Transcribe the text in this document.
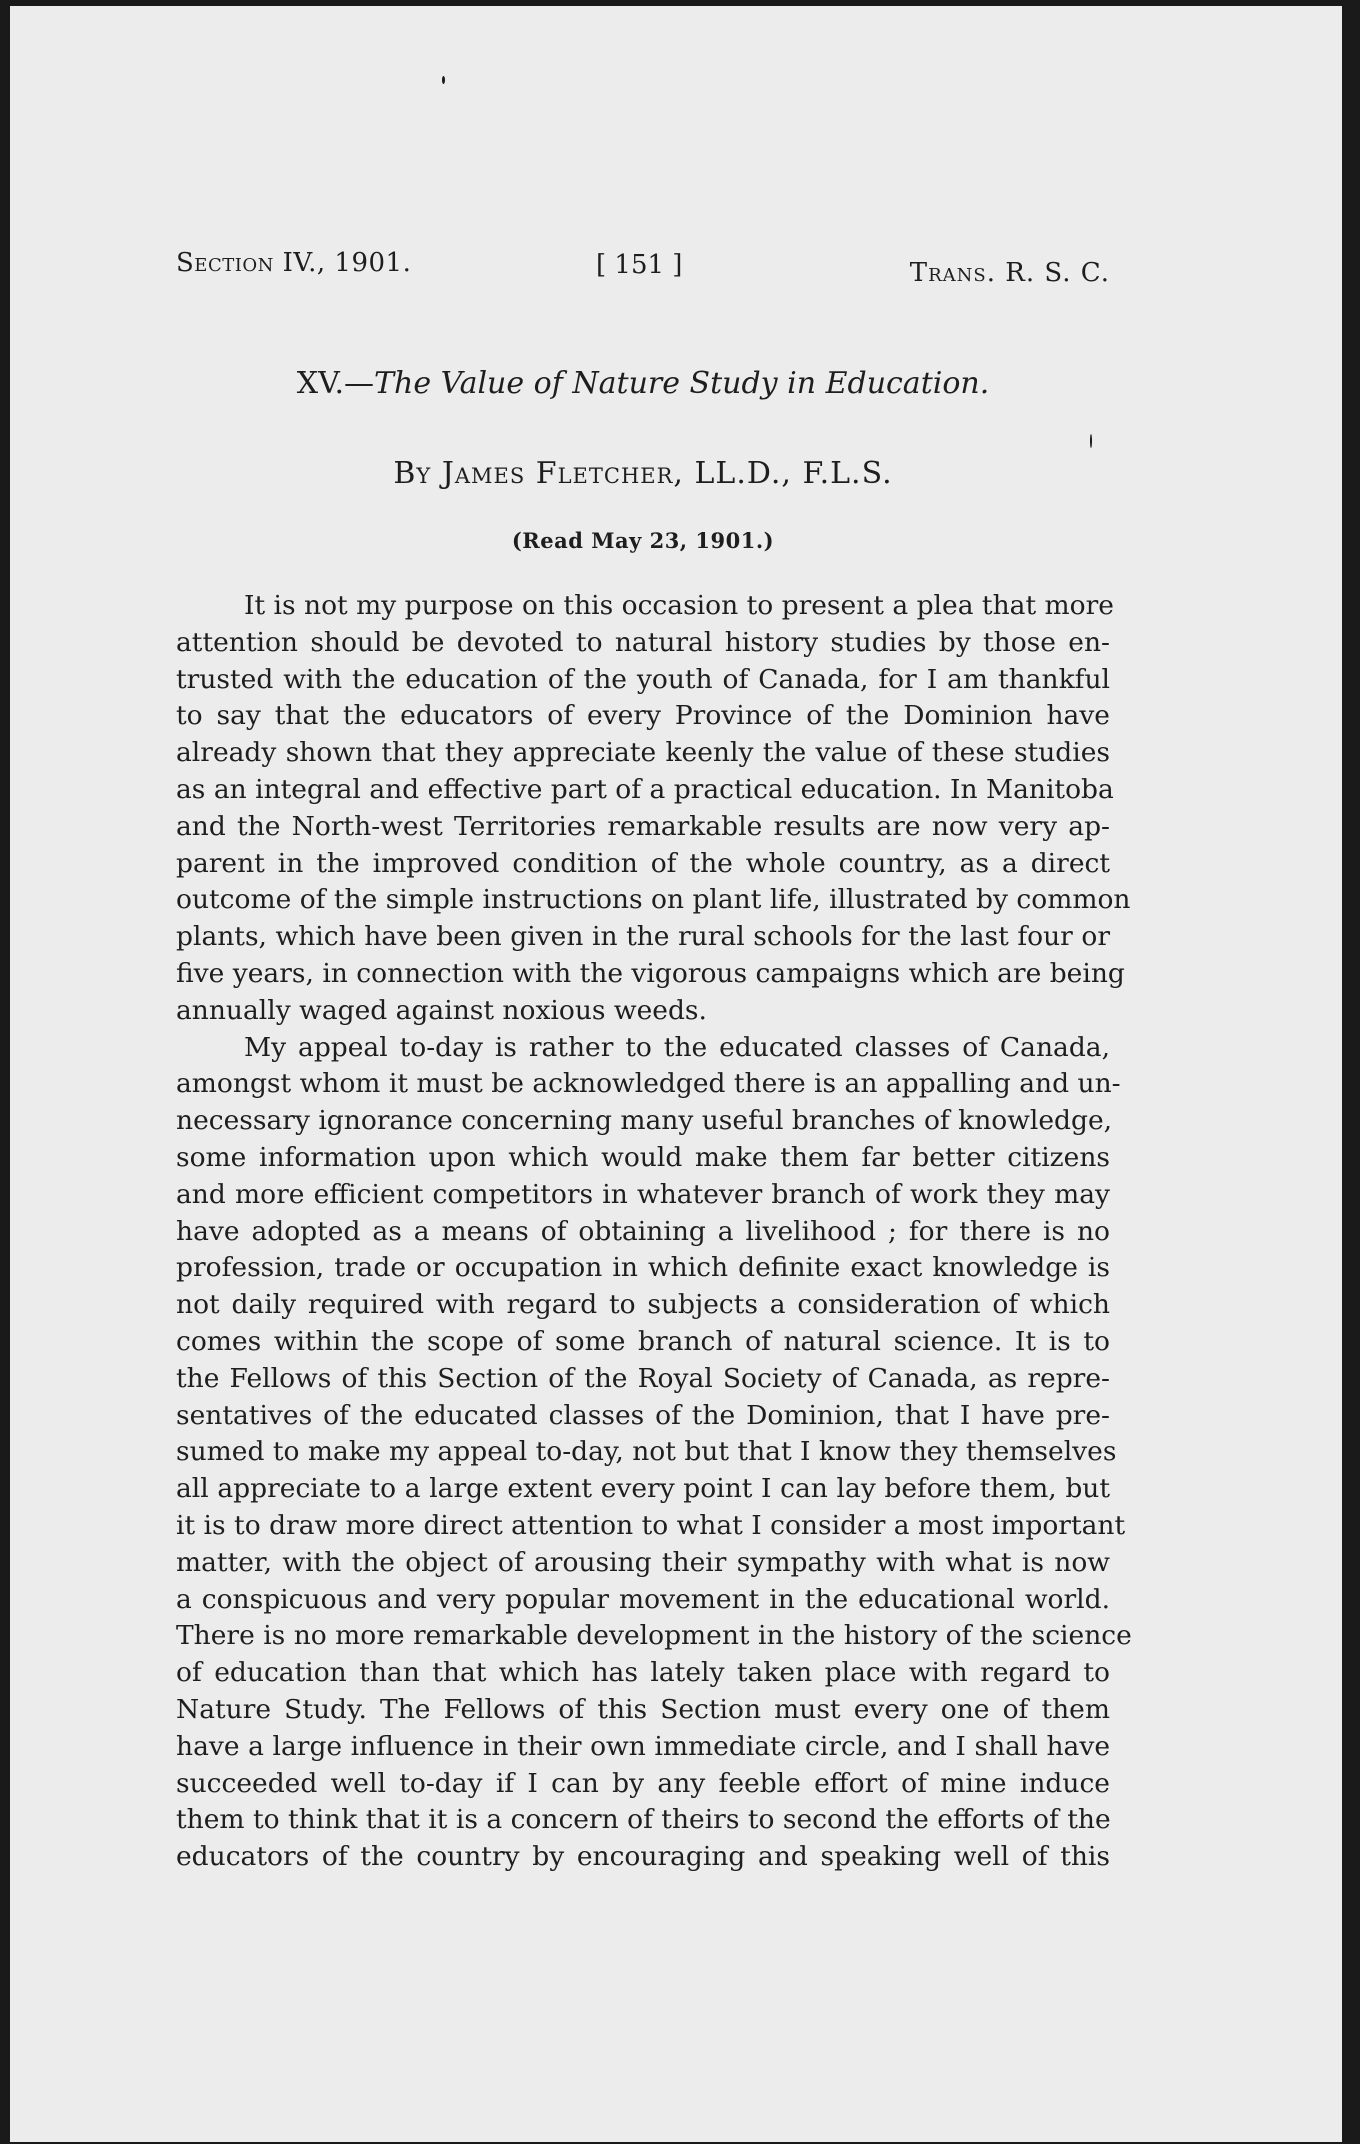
Section IV., 1901.	[ 151 ]	Trans. R. S. C.
XV.—The Value of Nature Study in Education.
By James Fletcher, LL.D., F.L.S.
(Read May 23, 1901.)
It is not my purpose on this occasion to present a plea that more
attention should be devoted to natural history studies by those en-
trusted with the education of the youth of Canada, for I am thankful
to say that the educators of every Province of the Dominion have
already shown that they appreciate keenly the value of these studies
as an integral and effective part of a practical education. In Manitoba
and the North-west Territories remarkable results are now very ap-
parent in the improved condition of the whole country, as a direct
outcome of the simple instructions on plant life, illustrated by common
plants, which have been given in the rural schools for the last four or
five years, in connection with the vigorous campaigns which are being
annually waged against noxious weeds.
My appeal to-day is rather to the educated classes of Canada,
amongst whom it must be acknowledged there is an appalling and un-
necessary ignorance concerning many useful branches of knowledge,
some information upon which would make them far better citizens
and more efficient competitors in whatever branch of work they may
have adopted as a means of obtaining a livelihood ; for there is no
profession, trade or occupation in which definite exact knowledge is
not daily required with regard to subjects a consideration of which
comes within the scope of some branch of natural science. It is to
the Fellows of this Section of the Royal Society of Canada, as repre-
sentatives of the educated classes of the Dominion, that I have pre-
sumed to make my appeal to-day, not but that I know they themselves
all appreciate to a large extent every point I can lay before them, but
it is to draw more direct attention to what I consider a most important
matter, with the object of arousing their sympathy with what is now
a conspicuous and very popular movement in the educational world.
There is no more remarkable development in the history of the science
of education than that which has lately taken place with regard to
Nature Study. The Fellows of this Section must every one of them
have a large influence in their own immediate circle, and I shall have
succeeded well to-day if I can by any feeble effort of mine induce
them to think that it is a concern of theirs to second the efforts of the
educators of the country by encouraging and speaking well of this
